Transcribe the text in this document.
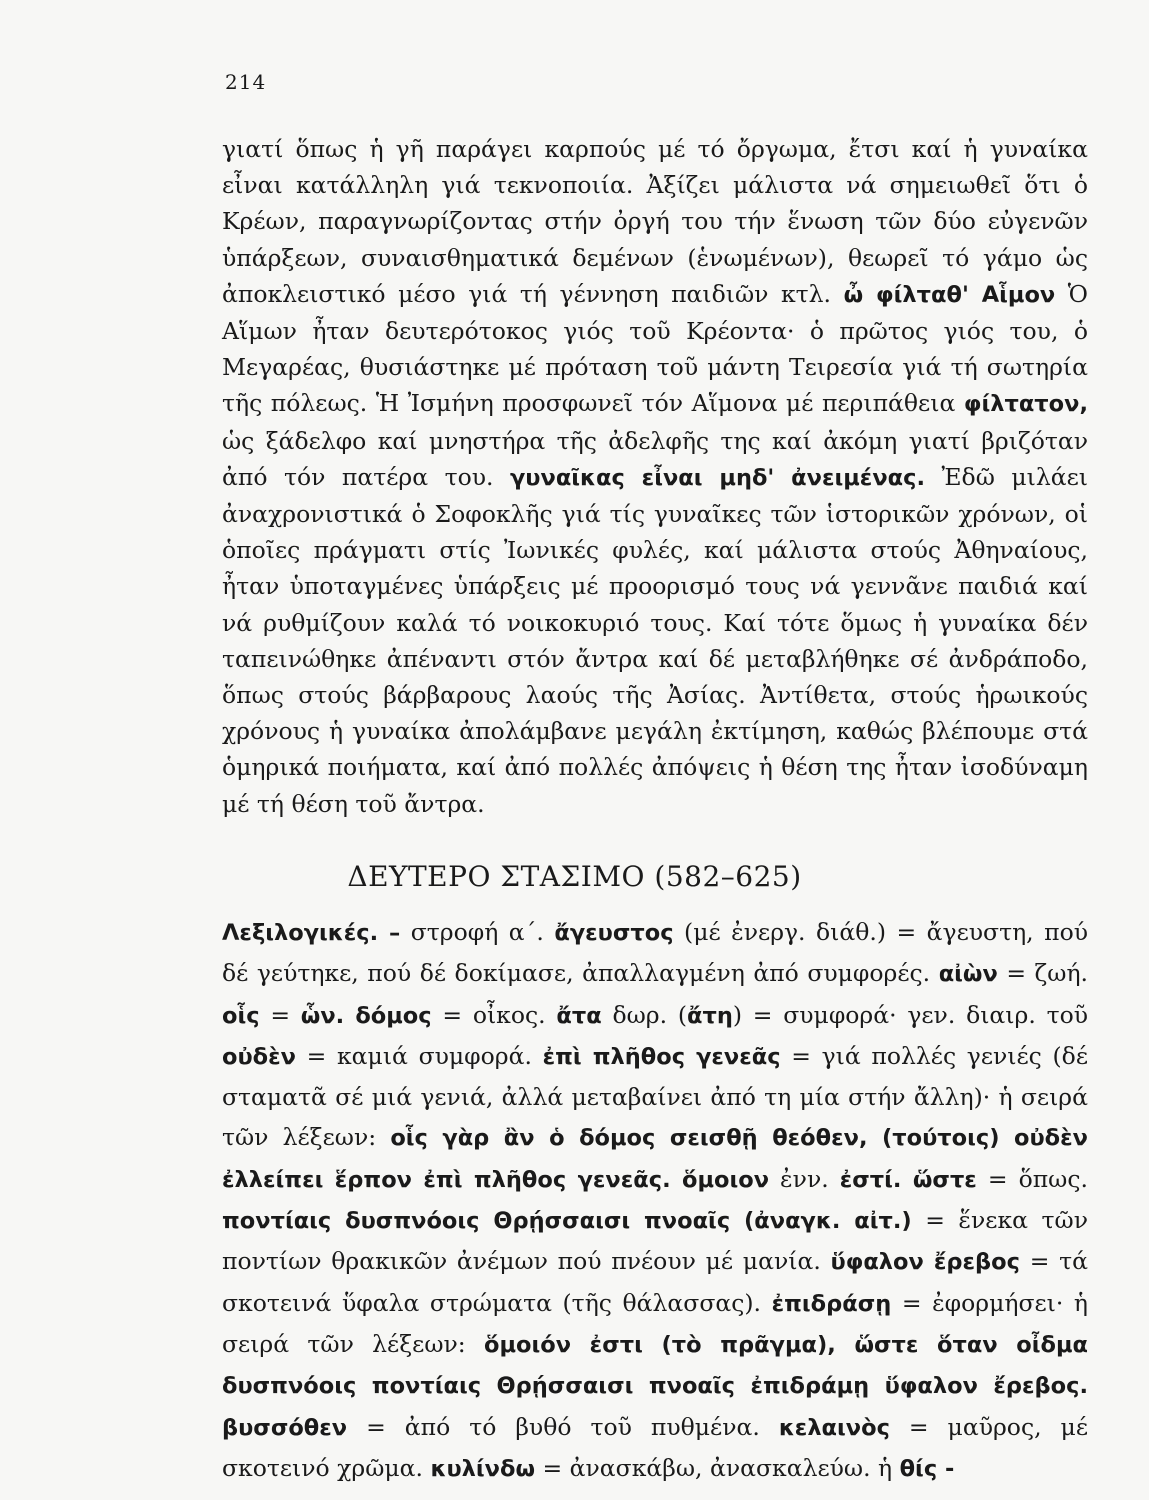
214
γιατί ὅπως ἡ γῆ παράγει καρπούς μέ τό ὄργωμα, ἔτσι καί ἡ γυναίκα εἶναι κατάλληλη γιά τεκνοποιία. Ἀξίζει μάλιστα νά σημειωθεῖ ὅτι ὁ Κρέων, παραγνωρίζοντας στήν ὀργή του τήν ἕνωση τῶν δύο εὐγενῶν ὑπάρξεων, συναισθηματικά δεμένων (ἑνωμένων), θεωρεῖ τό γάμο ὡς ἀποκλειστικό μέσο γιά τή γέννηση παιδιῶν κτλ. ὦ φίλταθ' Αἷμον Ὁ Αἵμων ἦταν δευτερότοκος γιός τοῦ Κρέοντα· ὁ πρῶτος γιός του, ὁ Μεγαρέας, θυσιάστηκε μέ πρόταση τοῦ μάντη Τειρεσία γιά τή σωτηρία τῆς πόλεως. Ἡ Ἰσμήνη προσφωνεῖ τόν Αἵμονα μέ περιπάθεια φίλτατον, ὡς ξάδελφο καί μνηστήρα τῆς ἀδελφῆς της καί ἀκόμη γιατί βριζόταν ἀπό τόν πατέρα του. γυναῖκας εἶναι μηδ' ἀνειμένας. Ἐδῶ μιλάει ἀναχρονιστικά ὁ Σοφοκλῆς γιά τίς γυναῖκες τῶν ἱστορικῶν χρόνων, οἱ ὁποῖες πράγματι στίς Ἰωνικές φυλές, καί μάλιστα στούς Ἀθηναίους, ἦταν ὑποταγμένες ὑπάρξεις μέ προορισμό τους νά γεννᾶνε παιδιά καί νά ρυθμίζουν καλά τό νοικοκυριό τους. Καί τότε ὅμως ἡ γυναίκα δέν ταπεινώθηκε ἀπέναντι στόν ἄντρα καί δέ μεταβλήθηκε σέ ἀνδράποδο, ὅπως στούς βάρβαρους λαούς τῆς Ἀσίας. Ἀντίθετα, στούς ἡρωικούς χρόνους ἡ γυναίκα ἀπολάμβανε μεγάλη ἐκτίμηση, καθώς βλέπουμε στά ὁμηρικά ποιήματα, καί ἀπό πολλές ἀπόψεις ἡ θέση της ἦταν ἰσοδύναμη μέ τή θέση τοῦ ἄντρα.
ΔΕΥΤΕΡΟ ΣΤΑΣΙΜΟ (582–625)
Λεξιλογικές. – στροφή α΄. ἄγευστος (μέ ἐνεργ. διάθ.) = ἄγευστη, πού δέ γεύτηκε, πού δέ δοκίμασε, ἀπαλλαγμένη ἀπό συμφορές. αἰὼν = ζωή. οἷς = ὧν. δόμος = οἶκος. ἄτα δωρ. (ἄτη) = συμφορά· γεν. διαιρ. τοῦ οὐδὲν = καμιά συμφορά. ἐπὶ πλῆθος γενεᾶς = γιά πολλές γενιές (δέ σταματᾶ σέ μιά γενιά, ἀλλά μεταβαίνει ἀπό τη μία στήν ἄλλη)· ἡ σειρά τῶν λέξεων: οἷς γὰρ ἂν ὁ δόμος σεισθῇ θεόθεν, (τούτοις) οὐδὲν ἐλλείπει ἕρπον ἐπὶ πλῆθος γενεᾶς. ὅμοιον ἐνν. ἐστί. ὥστε = ὅπως. ποντίαις δυσπνόοις Θρῄσσαισι πνοαῖς (ἀναγκ. αἰτ.) = ἕνεκα τῶν ποντίων θρακικῶν ἀνέμων πού πνέουν μέ μανία. ὕφαλον ἔρεβος = τά σκοτεινά ὕφαλα στρώματα (τῆς θάλασσας). ἐπιδράσῃ = ἐφορμήσει· ἡ σειρά τῶν λέξεων: ὅμοιόν ἐστι (τὸ πρᾶγμα), ὥστε ὅταν οἶδμα δυσπνόοις ποντίαις Θρῄσσαισι πνοαῖς ἐπιδράμῃ ὕφαλον ἔρεβος. βυσσόθεν = ἀπό τό βυθό τοῦ πυθμένα. κελαινὸς = μαῦρος, μέ σκοτεινό χρῶμα. κυλίνδω = ἀνασκάβω, ἀνασκαλεύω. ἡ θίς -
